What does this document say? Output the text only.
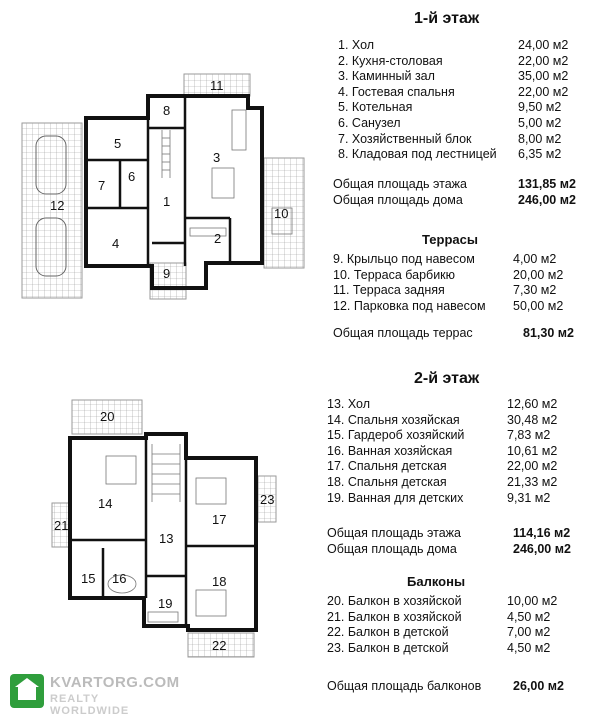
1
2
3
4
5
6
7
8
9
10
11
12
13
14
15 16
17
18
19
20
21
22
23
1-й этаж
1. Хол	24,00 м2
2. Кухня-столовая	22,00 м2
3. Каминный зал	35,00 м2
4. Гостевая спальня	22,00 м2
5. Котельная	9,50 м2
6. Санузел	5,00 м2
7. Хозяйственный блок	8,00 м2
8. Кладовая под лестницей	6,35 м2
Общая площадь этажа	131,85 м2
Общая площадь дома	246,00 м2
Террасы
9. Крыльцо под навесом	4,00 м2
10. Терраса барбикю	20,00 м2
11. Терраса задняя	7,30 м2
12. Парковка под навесом	50,00 м2
Общая площадь террас	81,30 м2
2-й этаж
13. Хол	12,60 м2
14. Спальня хозяйская	30,48 м2
15. Гардероб хозяйский	7,83 м2
16. Ванная хозяйская	10,61 м2
17. Спальня детская	22,00 м2
18. Спальня детская	21,33 м2
19. Ванная для детских	9,31 м2
Общая площадь этажа	114,16 м2
Общая площадь дома	246,00 м2
Балконы
20. Балкон в хозяйской	10,00 м2
21. Балкон в хозяйской	4,50 м2
22. Балкон в детской	7,00 м2
23. Балкон в детской	4,50 м2
Общая площадь балконов	26,00 м2
KVARTORG.COM
REALTY WORLDWIDE
